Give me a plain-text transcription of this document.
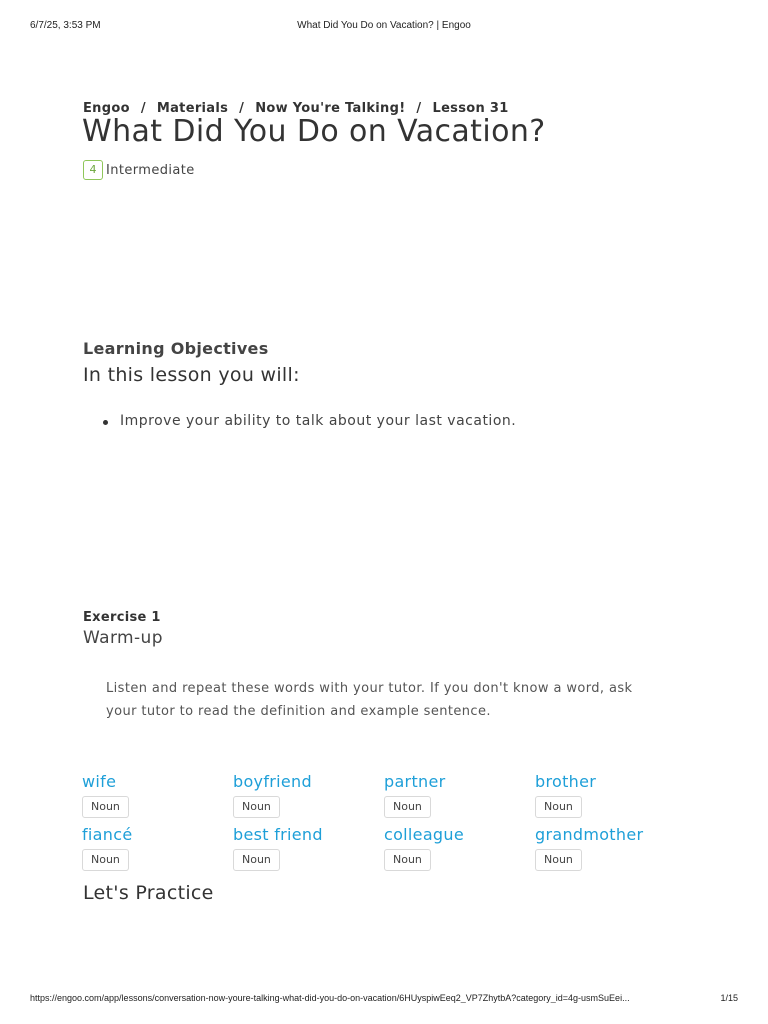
6/7/25, 3:53 PM	What Did You Do on Vacation? | Engoo
Engoo / Materials / Now You're Talking! / Lesson 31
What Did You Do on Vacation?
4 Intermediate
Learning Objectives
In this lesson you will:
Improve your ability to talk about your last vacation.
Exercise 1
Warm-up

Listen and repeat these words with your tutor. If you don't know a word, ask your tutor to read the definition and example sentence.

wife
Noun
boyfriend
Noun
partner
Noun
brother
Noun
fiancé
Noun
best friend
Noun
colleague
Noun
grandmother
Noun
Let's Practice
https://engoo.com/app/lessons/conversation-now-youre-talking-what-did-you-do-on-vacation/6HUyspiwEeq2_VP7ZhytbA?category_id=4g-usmSuEei...	1/15
